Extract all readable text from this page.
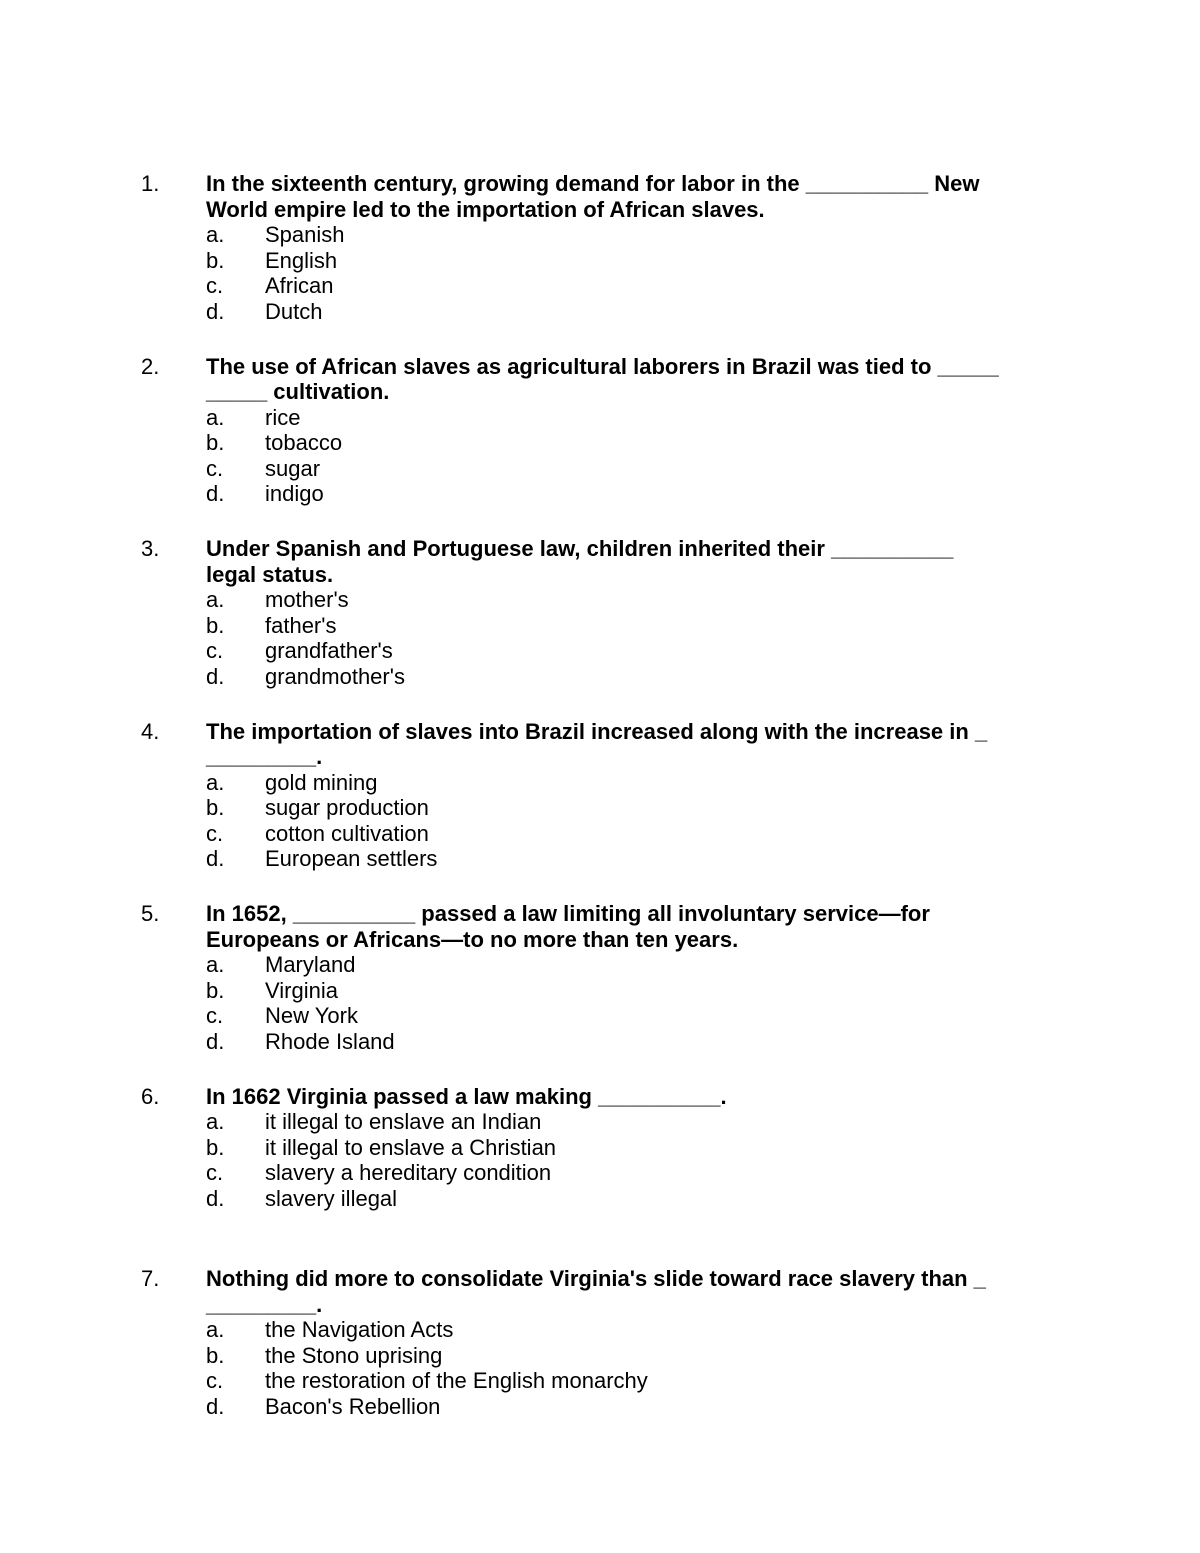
1. In the sixteenth century, growing demand for labor in the __________ New
World empire led to the importation of African slaves.

a. Spanish
b. English
c. African
d. Dutch
2. The use of African slaves as agricultural laborers in Brazil was tied to _____
_____ cultivation.

a. rice
b. tobacco
c. sugar
d. indigo
3. Under Spanish and Portuguese law, children inherited their __________
legal status.

a. mother's
b. father's
c. grandfather's
d. grandmother's
4. The importation of slaves into Brazil increased along with the increase in _
_________.

a. gold mining
b. sugar production
c. cotton cultivation
d. European settlers
5. In 1652, __________ passed a law limiting all involuntary service—for
Europeans or Africans—to no more than ten years.

a. Maryland
b. Virginia
c. New York
d. Rhode Island
6. In 1662 Virginia passed a law making __________.

a. it illegal to enslave an Indian
b. it illegal to enslave a Christian
c. slavery a hereditary condition
d. slavery illegal
7. Nothing did more to consolidate Virginia's slide toward race slavery than _
_________.

a. the Navigation Acts
b. the Stono uprising
c. the restoration of the English monarchy
d. Bacon's Rebellion
